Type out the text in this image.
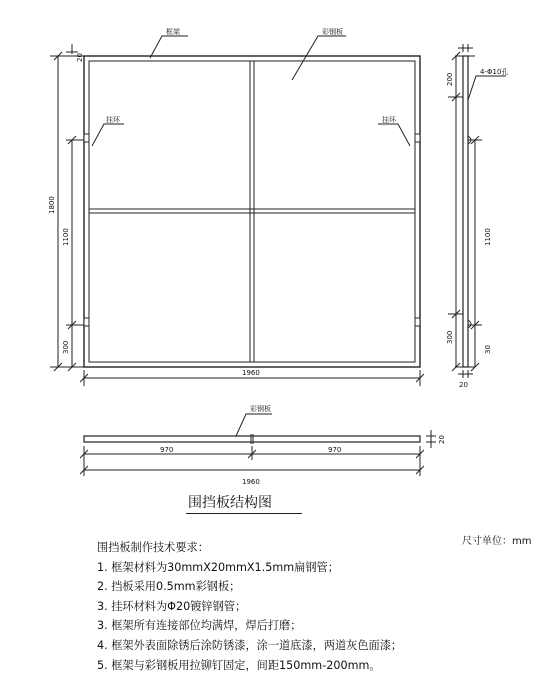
框架	彩钢板
挂环	挂环
4-Φ10孔
彩钢板
1800
1100
300
1960
970	970
1960
200
1100
300
30
20
20
20
围挡板结构图
尺寸单位：mm
围挡板制作技术要求：
1. 框架材料为30mmX20mmX1.5mm扁钢管；
2. 挡板采用0.5mm彩钢板；
3. 挂环材料为Φ20镀锌钢管；
3. 框架所有连接部位均满焊，焊后打磨；
4. 框架外表面除锈后涂防锈漆，涂一道底漆，两道灰色面漆；
5. 框架与彩钢板用拉铆钉固定，间距150mm-200mm。
